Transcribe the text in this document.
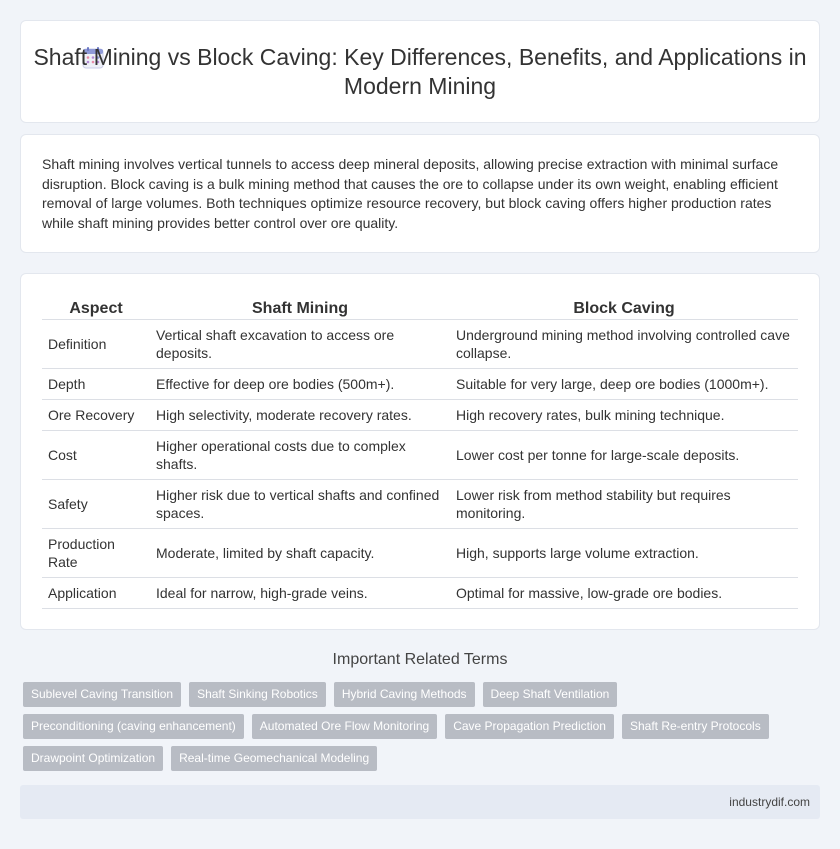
Shaft Mining vs Block Caving: Key Differences, Benefits, and Applications in Modern Mining

Shaft mining involves vertical tunnels to access deep mineral deposits, allowing precise extraction with minimal surface disruption. Block caving is a bulk mining method that causes the ore to collapse under its own weight, enabling efficient removal of large volumes. Both techniques optimize resource recovery, but block caving offers higher production rates while shaft mining provides better control over ore quality.

Aspect	Shaft Mining	Block Caving
Definition	Vertical shaft excavation to access ore deposits.	Underground mining method involving controlled cave collapse.
Depth	Effective for deep ore bodies (500m+).	Suitable for very large, deep ore bodies (1000m+).
Ore Recovery	High selectivity, moderate recovery rates.	High recovery rates, bulk mining technique.
Cost	Higher operational costs due to complex shafts.	Lower cost per tonne for large-scale deposits.
Safety	Higher risk due to vertical shafts and confined spaces.	Lower risk from method stability but requires monitoring.
Production Rate	Moderate, limited by shaft capacity.	High, supports large volume extraction.
Application	Ideal for narrow, high-grade veins.	Optimal for massive, low-grade ore bodies.
Important Related Terms
Sublevel Caving Transition	Shaft Sinking Robotics	Hybrid Caving Methods	Deep Shaft Ventilation
Preconditioning (caving enhancement)	Automated Ore Flow Monitoring	Cave Propagation Prediction	Shaft Re-entry Protocols
Drawpoint Optimization	Real-time Geomechanical Modeling
industrydif.com
